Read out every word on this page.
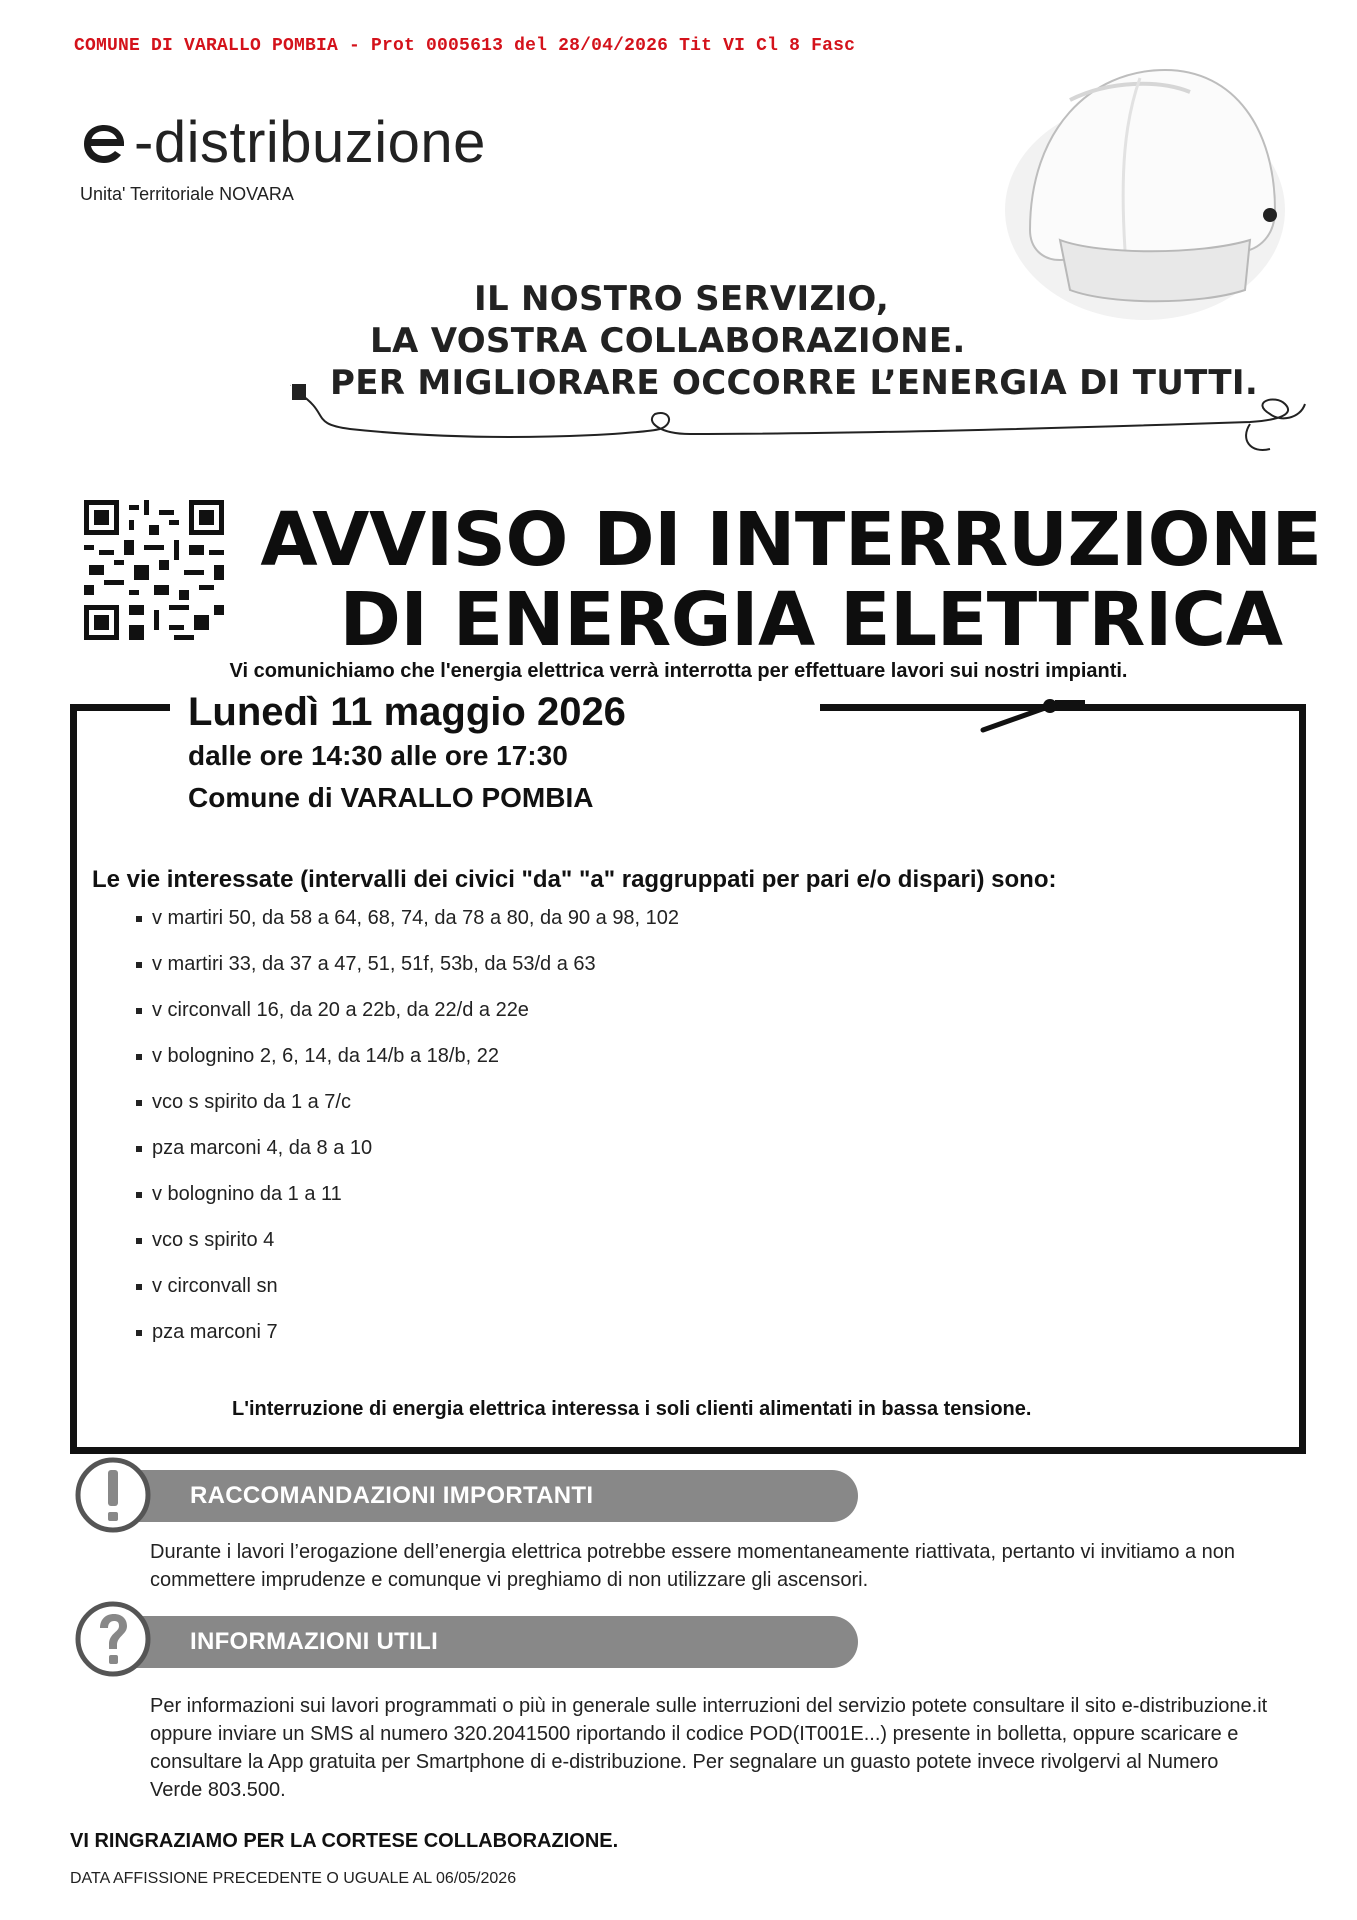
COMUNE DI VARALLO POMBIA - Prot 0005613 del 28/04/2026 Tit VI Cl 8 Fasc
-distribuzione
Unita' Territoriale NOVARA
IL NOSTRO SERVIZIO,
LA VOSTRA COLLABORAZIONE.
PER MIGLIORARE OCCORRE L’ENERGIA DI TUTTI.
AVVISO DI INTERRUZIONE
DI ENERGIA ELETTRICA
Vi comunichiamo che l'energia elettrica verrà interrotta per effettuare lavori sui nostri impianti.
Lunedì 11 maggio 2026
dalle ore 14:30 alle ore 17:30
Comune di VARALLO POMBIA
Le vie interessate (intervalli dei civici "da" "a" raggruppati per pari e/o dispari) sono:
v martiri 50, da 58 a 64, 68, 74, da 78 a 80, da 90 a 98, 102
v martiri 33, da 37 a 47, 51, 51f, 53b, da 53/d a 63
v circonvall 16, da 20 a 22b, da 22/d a 22e
v bolognino 2, 6, 14, da 14/b a 18/b, 22
vco s spirito da 1 a 7/c
pza marconi 4, da 8 a 10
v bolognino da 1 a 11
vco s spirito 4
v circonvall sn
pza marconi 7
L'interruzione di energia elettrica interessa i soli clienti alimentati in bassa tensione.
RACCOMANDAZIONI IMPORTANTI
Durante i lavori l’erogazione dell’energia elettrica potrebbe essere momentaneamente riattivata, pertanto vi invitiamo a non commettere imprudenze e comunque vi preghiamo di non utilizzare gli ascensori.
INFORMAZIONI UTILI
Per informazioni sui lavori programmati o più in generale sulle interruzioni del servizio potete consultare il sito e-distribuzione.it oppure inviare un SMS al numero 320.2041500 riportando il codice POD(IT001E...) presente in bolletta, oppure scaricare e consultare la App gratuita per Smartphone di e-distribuzione. Per segnalare un guasto potete invece rivolgervi al Numero Verde 803.500.
VI RINGRAZIAMO PER LA CORTESE COLLABORAZIONE.
DATA AFFISSIONE PRECEDENTE O UGUALE AL 06/05/2026
